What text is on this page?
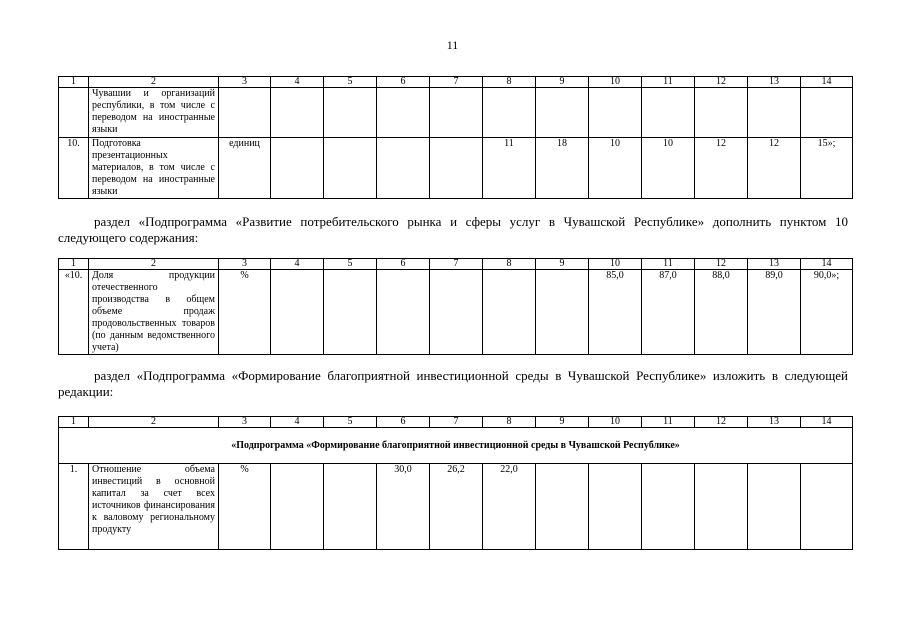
11
1	2	3	4	5	6	7	8	9	10	11	12	13	14
	Чувашии и организаций республики, в том числе с переводом на иностранные языки												
10.	Подготовка презентационных материалов, в том числе с переводом на иностранные языки	единиц					11	18	10	10	12	12	15»;
раздел «Подпрограмма «Развитие потребительского рынка и сферы услуг в Чувашской Республике» дополнить пунктом 10 следующего содержания:
1	2	3	4	5	6	7	8	9	10	11	12	13	14
«10.	Доля продукции отечественного производства в общем объеме продаж продовольственных товаров (по данным ведомственного учета)	%							85,0	87,0	88,0	89,0	90,0»;
раздел «Подпрограмма «Формирование благоприятной инвестиционной среды в Чувашской Республике» изложить в следующей редакции:
1	2	3	4	5	6	7	8	9	10	11	12	13	14
«Подпрограмма «Формирование благоприятной инвестиционной среды в Чувашской Республике»													
1.	Отношение объема инвестиций в основной капитал за счет всех источников финансирования к валовому региональному продукту	%			30,0	26,2	22,0						
